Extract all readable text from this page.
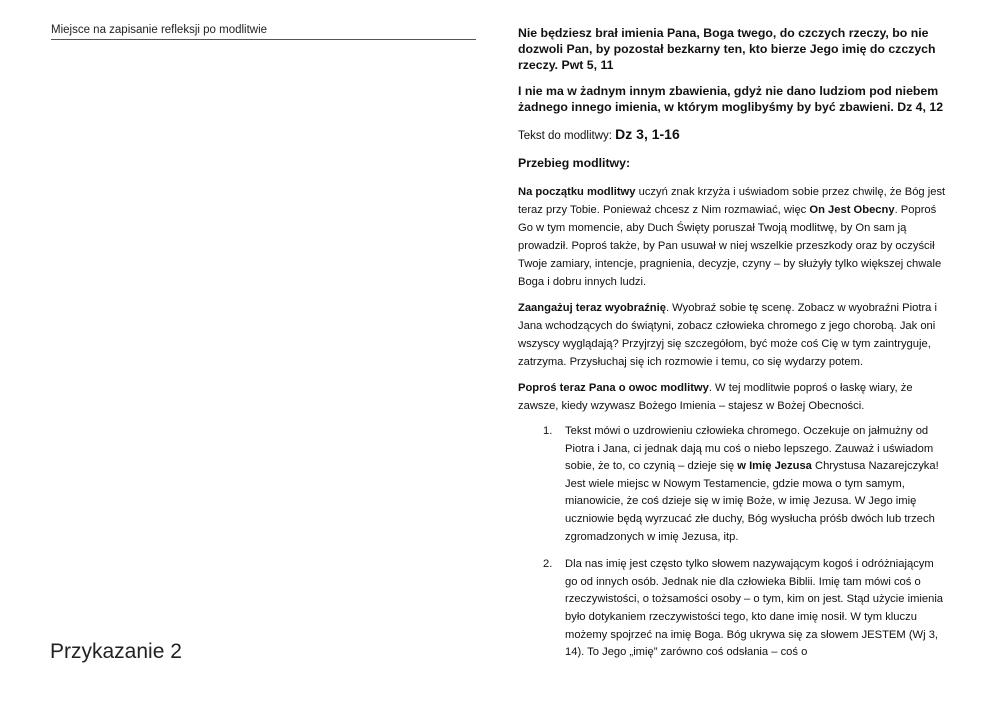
Miejsce na zapisanie refleksji po modlitwie
Przykazanie 2

Nie będziesz brał imienia Pana, Boga twego, do czczych rzeczy, bo nie dozwoli Pan, by pozostał bezkarny ten, kto bierze Jego imię do czczych rzeczy. Pwt 5, 11

I nie ma w żadnym innym zbawienia, gdyż nie dano ludziom pod niebem żadnego innego imienia, w którym moglibyśmy by być zbawieni. Dz 4, 12

Tekst do modlitwy: Dz 3, 1-16

Przebieg modlitwy:

Na początku modlitwy uczyń znak krzyża i uświadom sobie przez chwilę, że Bóg jest teraz przy Tobie. Ponieważ chcesz z Nim rozmawiać, więc On Jest Obecny. Poproś Go w tym momencie, aby Duch Święty poruszał Twoją modlitwę, by On sam ją prowadził. Poproś także, by Pan usuwał w niej wszelkie przeszkody oraz by oczyścił Twoje zamiary, intencje, pragnienia, decyzje, czyny – by służyły tylko większej chwale Boga i dobru innych ludzi.

Zaangażuj teraz wyobraźnię. Wyobraź sobie tę scenę. Zobacz w wyobraźni Piotra i Jana wchodzących do świątyni, zobacz człowieka chromego z jego chorobą. Jak oni wszyscy wyglądają? Przyjrzyj się szczegółom, być może coś Cię w tym zaintryguje, zatrzyma. Przysłuchaj się ich rozmowie i temu, co się wydarzy potem.

Poproś teraz Pana o owoc modlitwy. W tej modlitwie poproś o łaskę wiary, że zawsze, kiedy wzywasz Bożego Imienia – stajesz w Bożej Obecności.

1. Tekst mówi o uzdrowieniu człowieka chromego. Oczekuje on jałmużny od Piotra i Jana, ci jednak dają mu coś o niebo lepszego. Zauważ i uświadom sobie, że to, co czynią – dzieje się w Imię Jezusa Chrystusa Nazarejczyka! Jest wiele miejsc w Nowym Testamencie, gdzie mowa o tym samym, mianowicie, że coś dzieje się w imię Boże, w imię Jezusa. W Jego imię uczniowie będą wyrzucać złe duchy, Bóg wysłucha próśb dwóch lub trzech zgromadzonych w imię Jezusa, itp.
2. Dla nas imię jest często tylko słowem nazywającym kogoś i odróżniającym go od innych osób. Jednak nie dla człowieka Biblii. Imię tam mówi coś o rzeczywistości, o tożsamości osoby – o tym, kim on jest. Stąd użycie imienia było dotykaniem rzeczywistości tego, kto dane imię nosił. W tym kluczu możemy spojrzeć na imię Boga. Bóg ukrywa się za słowem JESTEM (Wj 3, 14). To Jego „imię” zarówno coś odsłania – coś o
